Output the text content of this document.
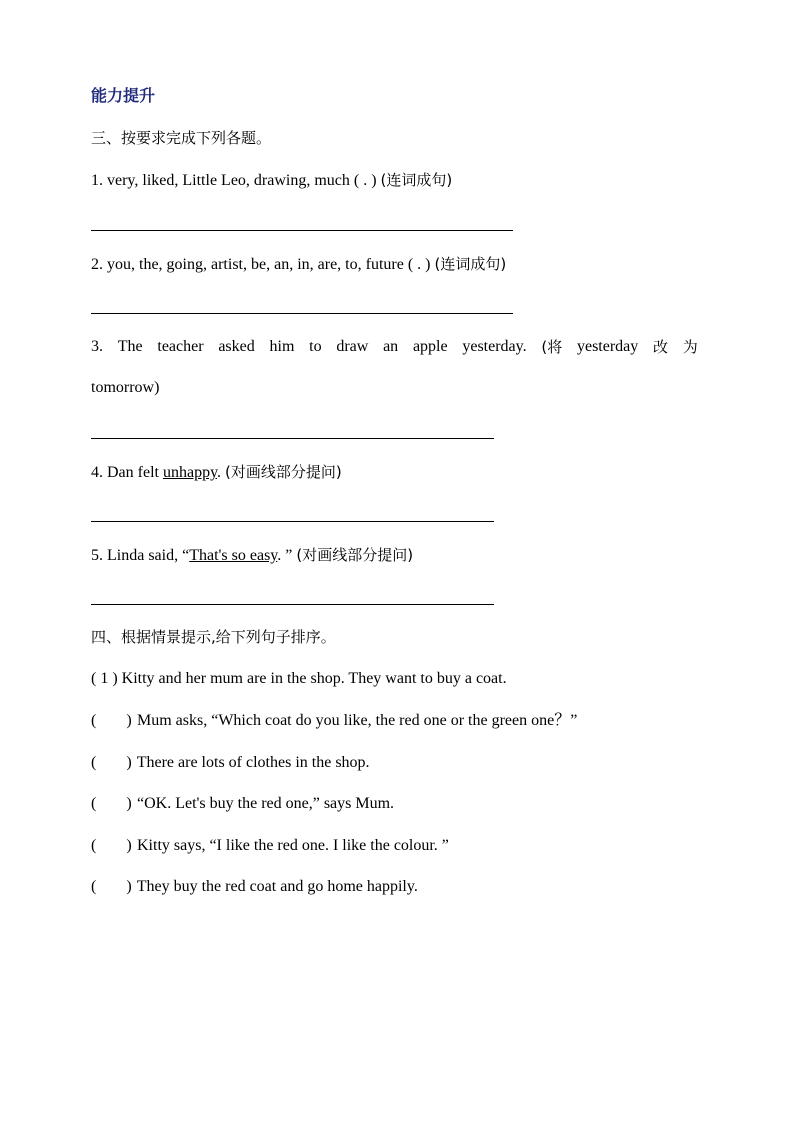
能力提升
三、按要求完成下列各题。
1. very, liked, Little Leo, drawing, much ( . ) (连词成句)
2. you, the, going, artist, be, an, in, are, to, future ( . ) (连词成句)
3. The teacher asked him to draw an apple yesterday. (将 yesterday 改 为
tomorrow)
4. Dan felt unhappy. (对画线部分提问)
5. Linda said, “That's so easy. ” (对画线部分提问)
四、根据情景提示,给下列句子排序。
( 1 ) Kitty and her mum are in the shop. They want to buy a coat.
( ) Mum asks, “Which coat do you like, the red one or the green one？”
( ) There are lots of clothes in the shop.
( ) “OK. Let's buy the red one,” says Mum.
( ) Kitty says, “I like the red one. I like the colour. ”
( ) They buy the red coat and go home happily.
